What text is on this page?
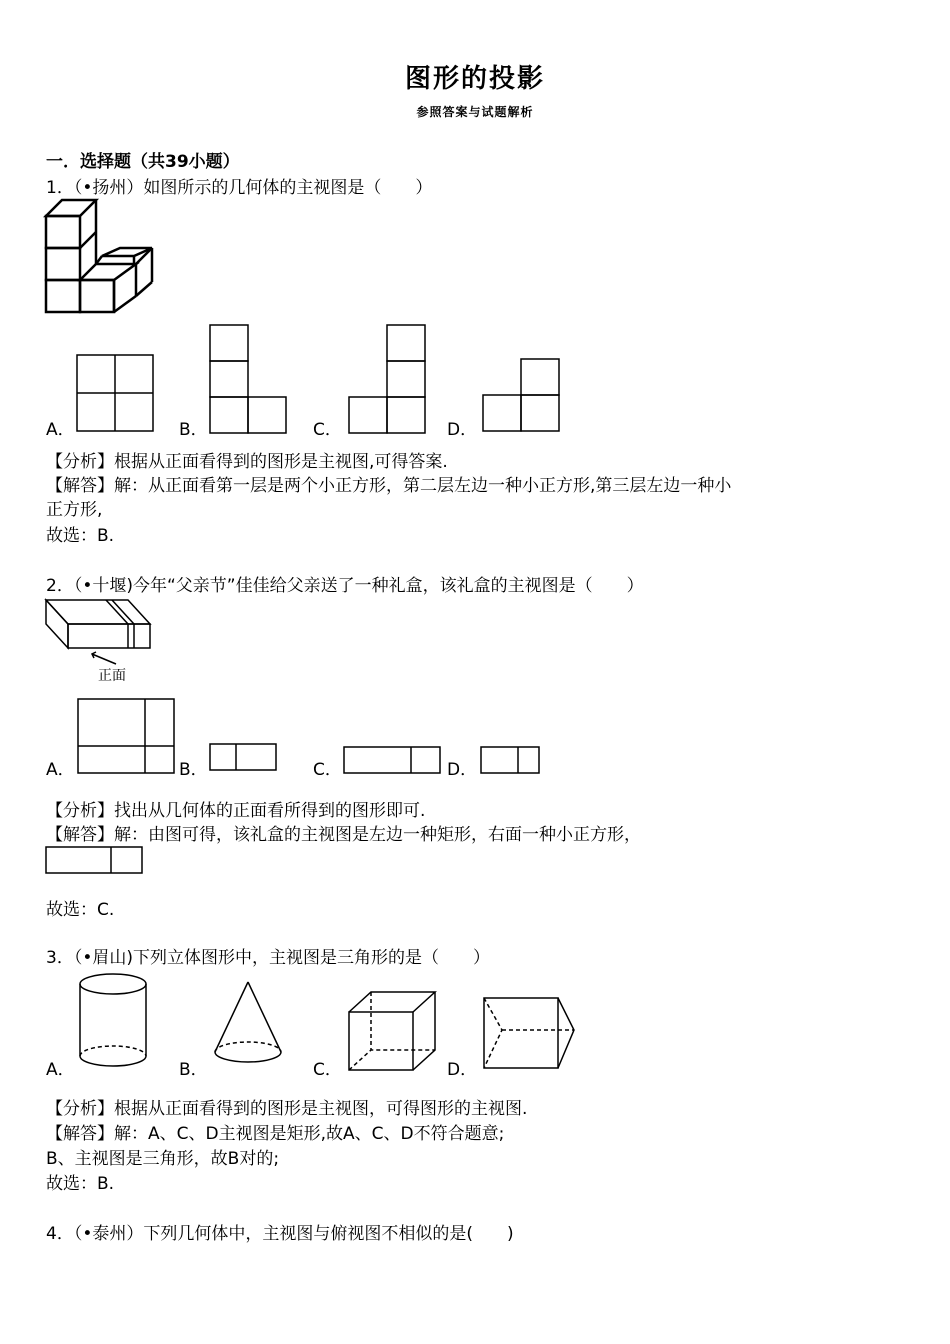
图形的投影
参照答案与试题解析
一．选择题（共39小题）
1．（•扬州）如图所示的几何体的主视图是（　　）
A．	B．	C．	D．
【分析】根据从正面看得到的图形是主视图,可得答案.
【解答】解：从正面看第一层是两个小正方形，第二层左边一种小正方形,第三层左边一种小
正方形,
故选：B.
2．（•十堰)今年“父亲节”佳佳给父亲送了一种礼盒，该礼盒的主视图是（　　）
正面
A．	B．	C．	D．
【分析】找出从几何体的正面看所得到的图形即可.
【解答】解：由图可得，该礼盒的主视图是左边一种矩形，右面一种小正方形，
故选：C.
3．（•眉山)下列立体图形中，主视图是三角形的是（　　）
A．	B．	C．	D．
【分析】根据从正面看得到的图形是主视图，可得图形的主视图.
【解答】解：A、C、D主视图是矩形,故A、C、D不符合题意;
B、主视图是三角形，故B对的;
故选：B.
4．（•泰州）下列几何体中，主视图与俯视图不相似的是(　　)
